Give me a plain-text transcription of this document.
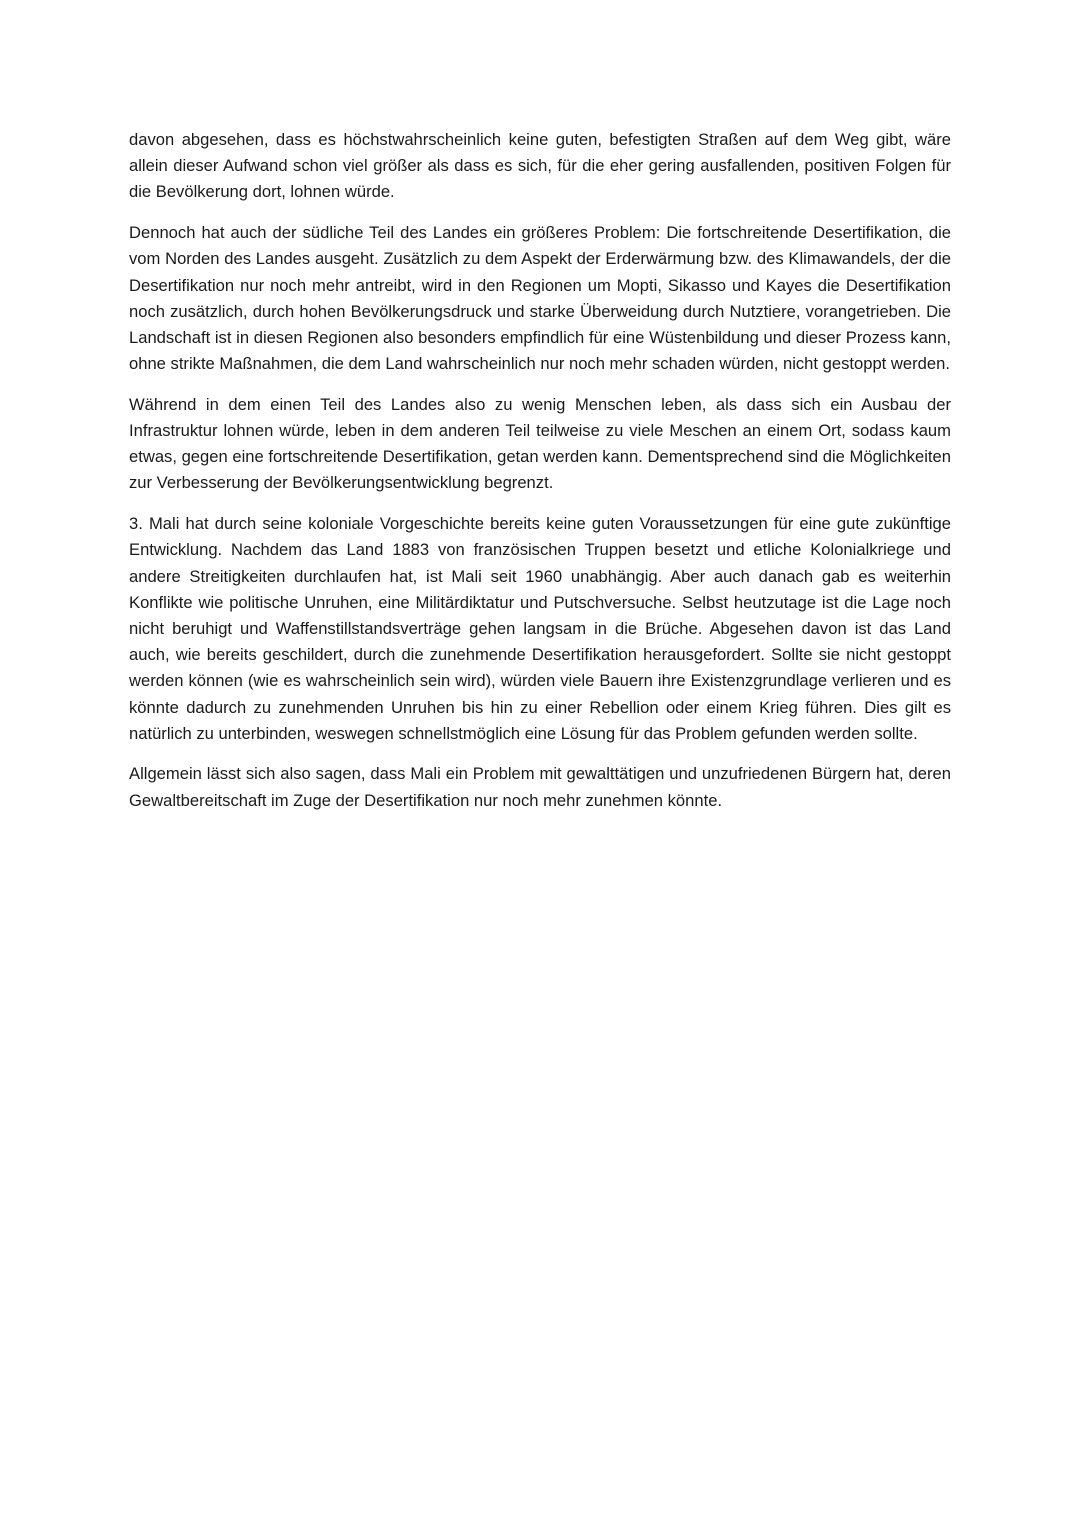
davon abgesehen, dass es höchstwahrscheinlich keine guten, befestigten Straßen auf dem Weg gibt, wäre allein dieser Aufwand schon viel größer als dass es sich, für die eher gering ausfallenden, positiven Folgen für die Bevölkerung dort, lohnen würde.

Dennoch hat auch der südliche Teil des Landes ein größeres Problem: Die fortschreitende Desertifikation, die vom Norden des Landes ausgeht. Zusätzlich zu dem Aspekt der Erderwärmung bzw. des Klimawandels, der die Desertifikation nur noch mehr antreibt, wird in den Regionen um Mopti, Sikasso und Kayes die Desertifikation noch zusätzlich, durch hohen Bevölkerungsdruck und starke Überweidung durch Nutztiere, vorangetrieben. Die Landschaft ist in diesen Regionen also besonders empfindlich für eine Wüstenbildung und dieser Prozess kann, ohne strikte Maßnahmen, die dem Land wahrscheinlich nur noch mehr schaden würden, nicht gestoppt werden.

Während in dem einen Teil des Landes also zu wenig Menschen leben, als dass sich ein Ausbau der Infrastruktur lohnen würde, leben in dem anderen Teil teilweise zu viele Meschen an einem Ort, sodass kaum etwas, gegen eine fortschreitende Desertifikation, getan werden kann. Dementsprechend sind die Möglichkeiten zur Verbesserung der Bevölkerungsentwicklung begrenzt.

3. Mali hat durch seine koloniale Vorgeschichte bereits keine guten Voraussetzungen für eine gute zukünftige Entwicklung. Nachdem das Land 1883 von französischen Truppen besetzt und etliche Kolonialkriege und andere Streitigkeiten durchlaufen hat, ist Mali seit 1960 unabhängig. Aber auch danach gab es weiterhin Konflikte wie politische Unruhen, eine Militärdiktatur und Putschversuche. Selbst heutzutage ist die Lage noch nicht beruhigt und Waffenstillstandsverträge gehen langsam in die Brüche. Abgesehen davon ist das Land auch, wie bereits geschildert, durch die zunehmende Desertifikation herausgefordert. Sollte sie nicht gestoppt werden können (wie es wahrscheinlich sein wird), würden viele Bauern ihre Existenzgrundlage verlieren und es könnte dadurch zu zunehmenden Unruhen bis hin zu einer Rebellion oder einem Krieg führen. Dies gilt es natürlich zu unterbinden, weswegen schnellstmöglich eine Lösung für das Problem gefunden werden sollte.

Allgemein lässt sich also sagen, dass Mali ein Problem mit gewalttätigen und unzufriedenen Bürgern hat, deren Gewaltbereitschaft im Zuge der Desertifikation nur noch mehr zunehmen könnte.
